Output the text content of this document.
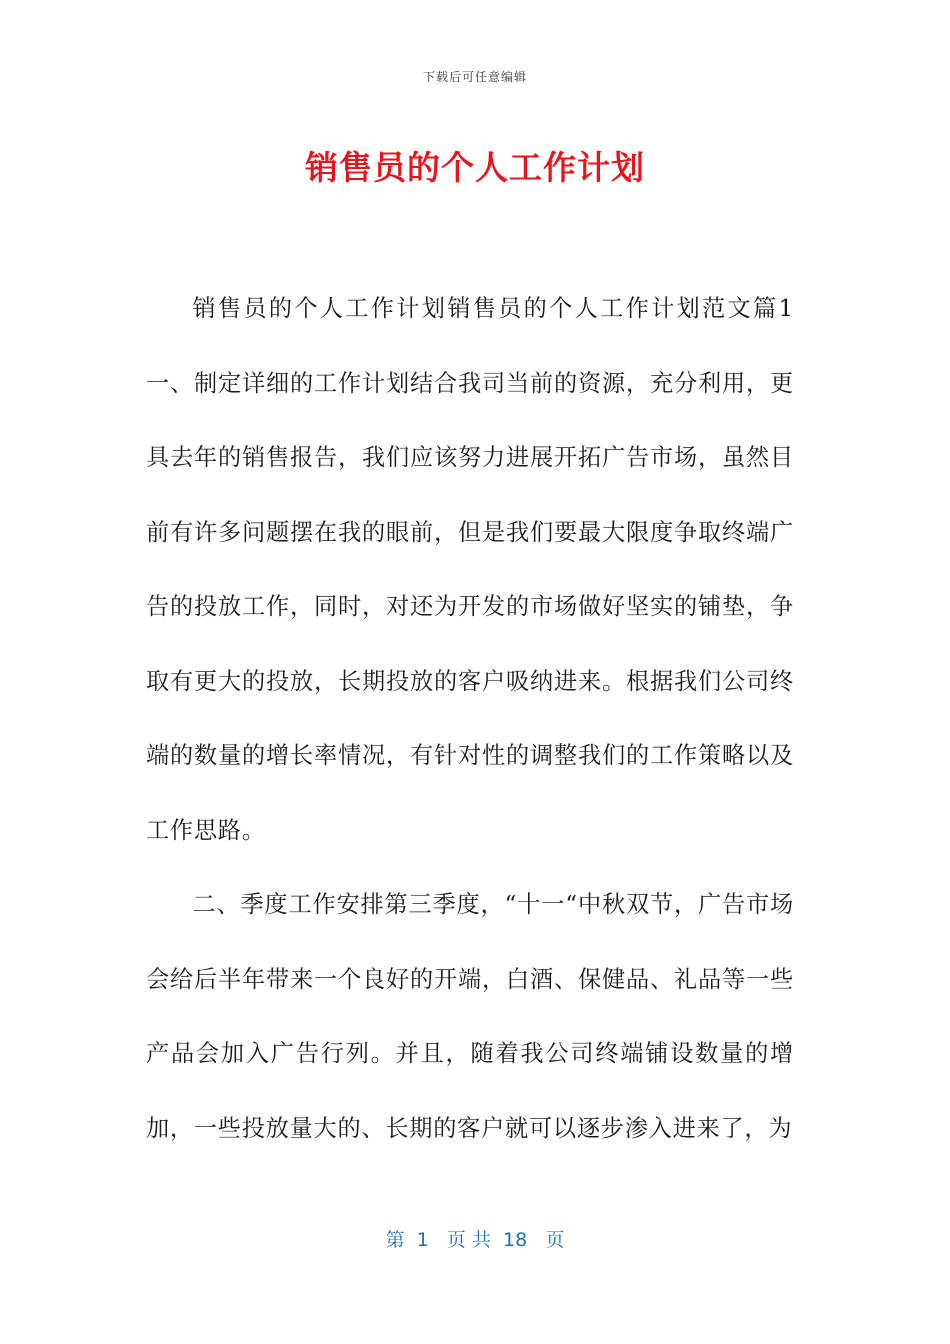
下载后可任意编辑
销售员的个人工作计划

销售员的个人工作计划销售员的个人工作计划范文篇1一、制定详细的工作计划结合我司当前的资源，充分利用，更具去年的销售报告，我们应该努力进展开拓广告市场，虽然目前有许多问题摆在我的眼前，但是我们要最大限度争取终端广告的投放工作，同时，对还为开发的市场做好坚实的铺垫，争取有更大的投放，长期投放的客户吸纳进来。根据我们公司终端的数量的增长率情况，有针对性的调整我们的工作策略以及工作思路。

二、季度工作安排第三季度，“十一“中秋双节，广告市场会给后半年带来一个良好的开端，白酒、保健品、礼品等一些产品会加入广告行列。并且，随着我公司终端铺设数量的增加，一些投放量大的、长期的客户就可以逐步渗入进来了，为

第  1   页 共  18   页
